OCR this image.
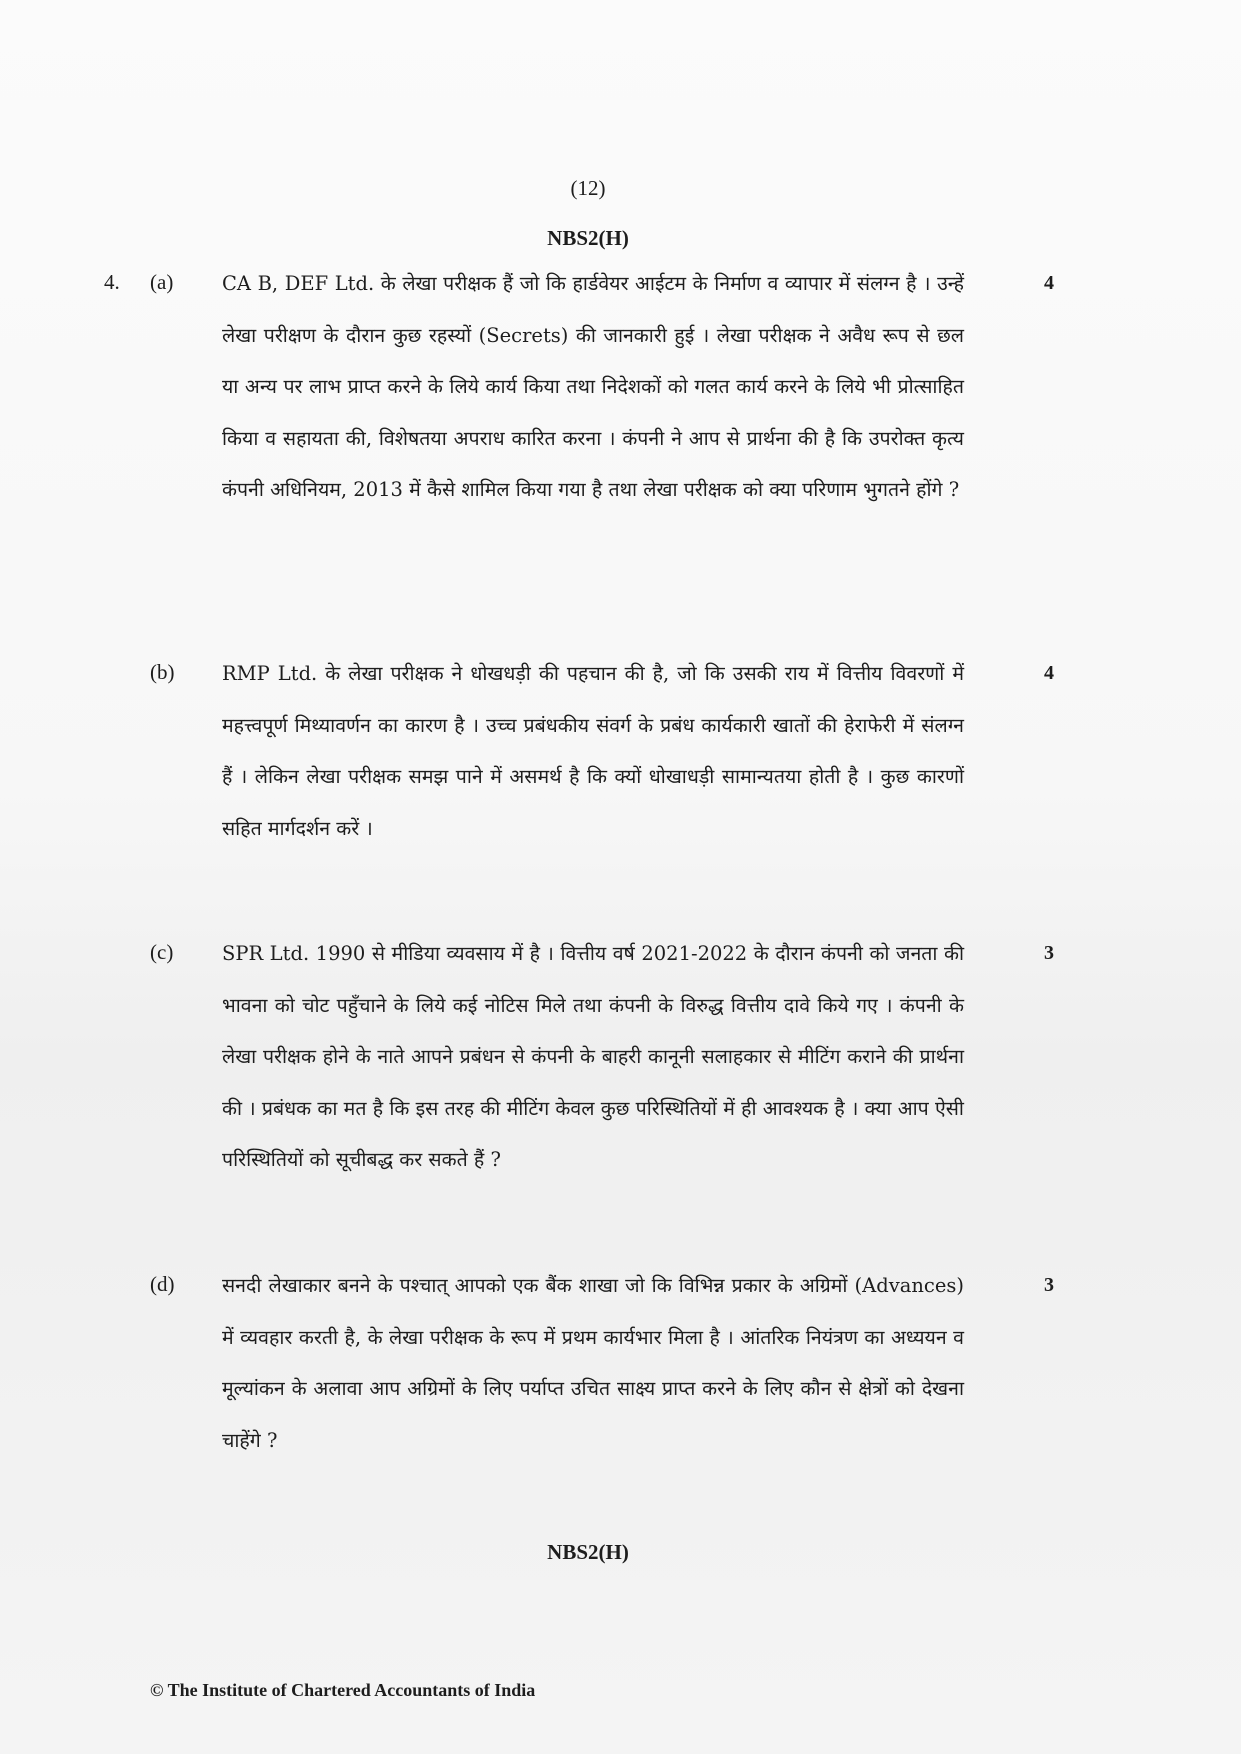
(12)
NBS2(H)
4. (a) CA B, DEF Ltd. के लेखा परीक्षक हैं जो कि हार्डवेयर आईटम के निर्माण व व्यापार में संलग्न है । उन्हें लेखा परीक्षण के दौरान कुछ रहस्यों (Secrets) की जानकारी हुई । लेखा परीक्षक ने अवैध रूप से छल या अन्य पर लाभ प्राप्त करने के लिये कार्य किया तथा निदेशकों को गलत कार्य करने के लिये भी प्रोत्साहित किया व सहायता की, विशेषतया अपराध कारित करना । कंपनी ने आप से प्रार्थना की है कि उपरोक्त कृत्य कंपनी अधिनियम, 2013 में कैसे शामिल किया गया है तथा लेखा परीक्षक को क्या परिणाम भुगतने होंगे ?
4
(b) RMP Ltd. के लेखा परीक्षक ने धोखधड़ी की पहचान की है, जो कि उसकी राय में वित्तीय विवरणों में महत्त्वपूर्ण मिथ्यावर्णन का कारण है । उच्च प्रबंधकीय संवर्ग के प्रबंध कार्यकारी खातों की हेराफेरी में संलग्न हैं । लेकिन लेखा परीक्षक समझ पाने में असमर्थ है कि क्यों धोखाधड़ी सामान्यतया होती है । कुछ कारणों सहित मार्गदर्शन करें ।
4
(c) SPR Ltd. 1990 से मीडिया व्यवसाय में है । वित्तीय वर्ष 2021-2022 के दौरान कंपनी को जनता की भावना को चोट पहुँचाने के लिये कई नोटिस मिले तथा कंपनी के विरुद्ध वित्तीय दावे किये गए । कंपनी के लेखा परीक्षक होने के नाते आपने प्रबंधन से कंपनी के बाहरी कानूनी सलाहकार से मीटिंग कराने की प्रार्थना की । प्रबंधक का मत है कि इस तरह की मीटिंग केवल कुछ परिस्थितियों में ही आवश्यक है । क्या आप ऐसी परिस्थितियों को सूचीबद्ध कर सकते हैं ?
3
(d) सनदी लेखाकार बनने के पश्चात् आपको एक बैंक शाखा जो कि विभिन्न प्रकार के अग्रिमों (Advances) में व्यवहार करती है, के लेखा परीक्षक के रूप में प्रथम कार्यभार मिला है । आंतरिक नियंत्रण का अध्ययन व मूल्यांकन के अलावा आप अग्रिमों के लिए पर्याप्त उचित साक्ष्य प्राप्त करने के लिए कौन से क्षेत्रों को देखना चाहेंगे ?
3
NBS2(H)
© The Institute of Chartered Accountants of India
